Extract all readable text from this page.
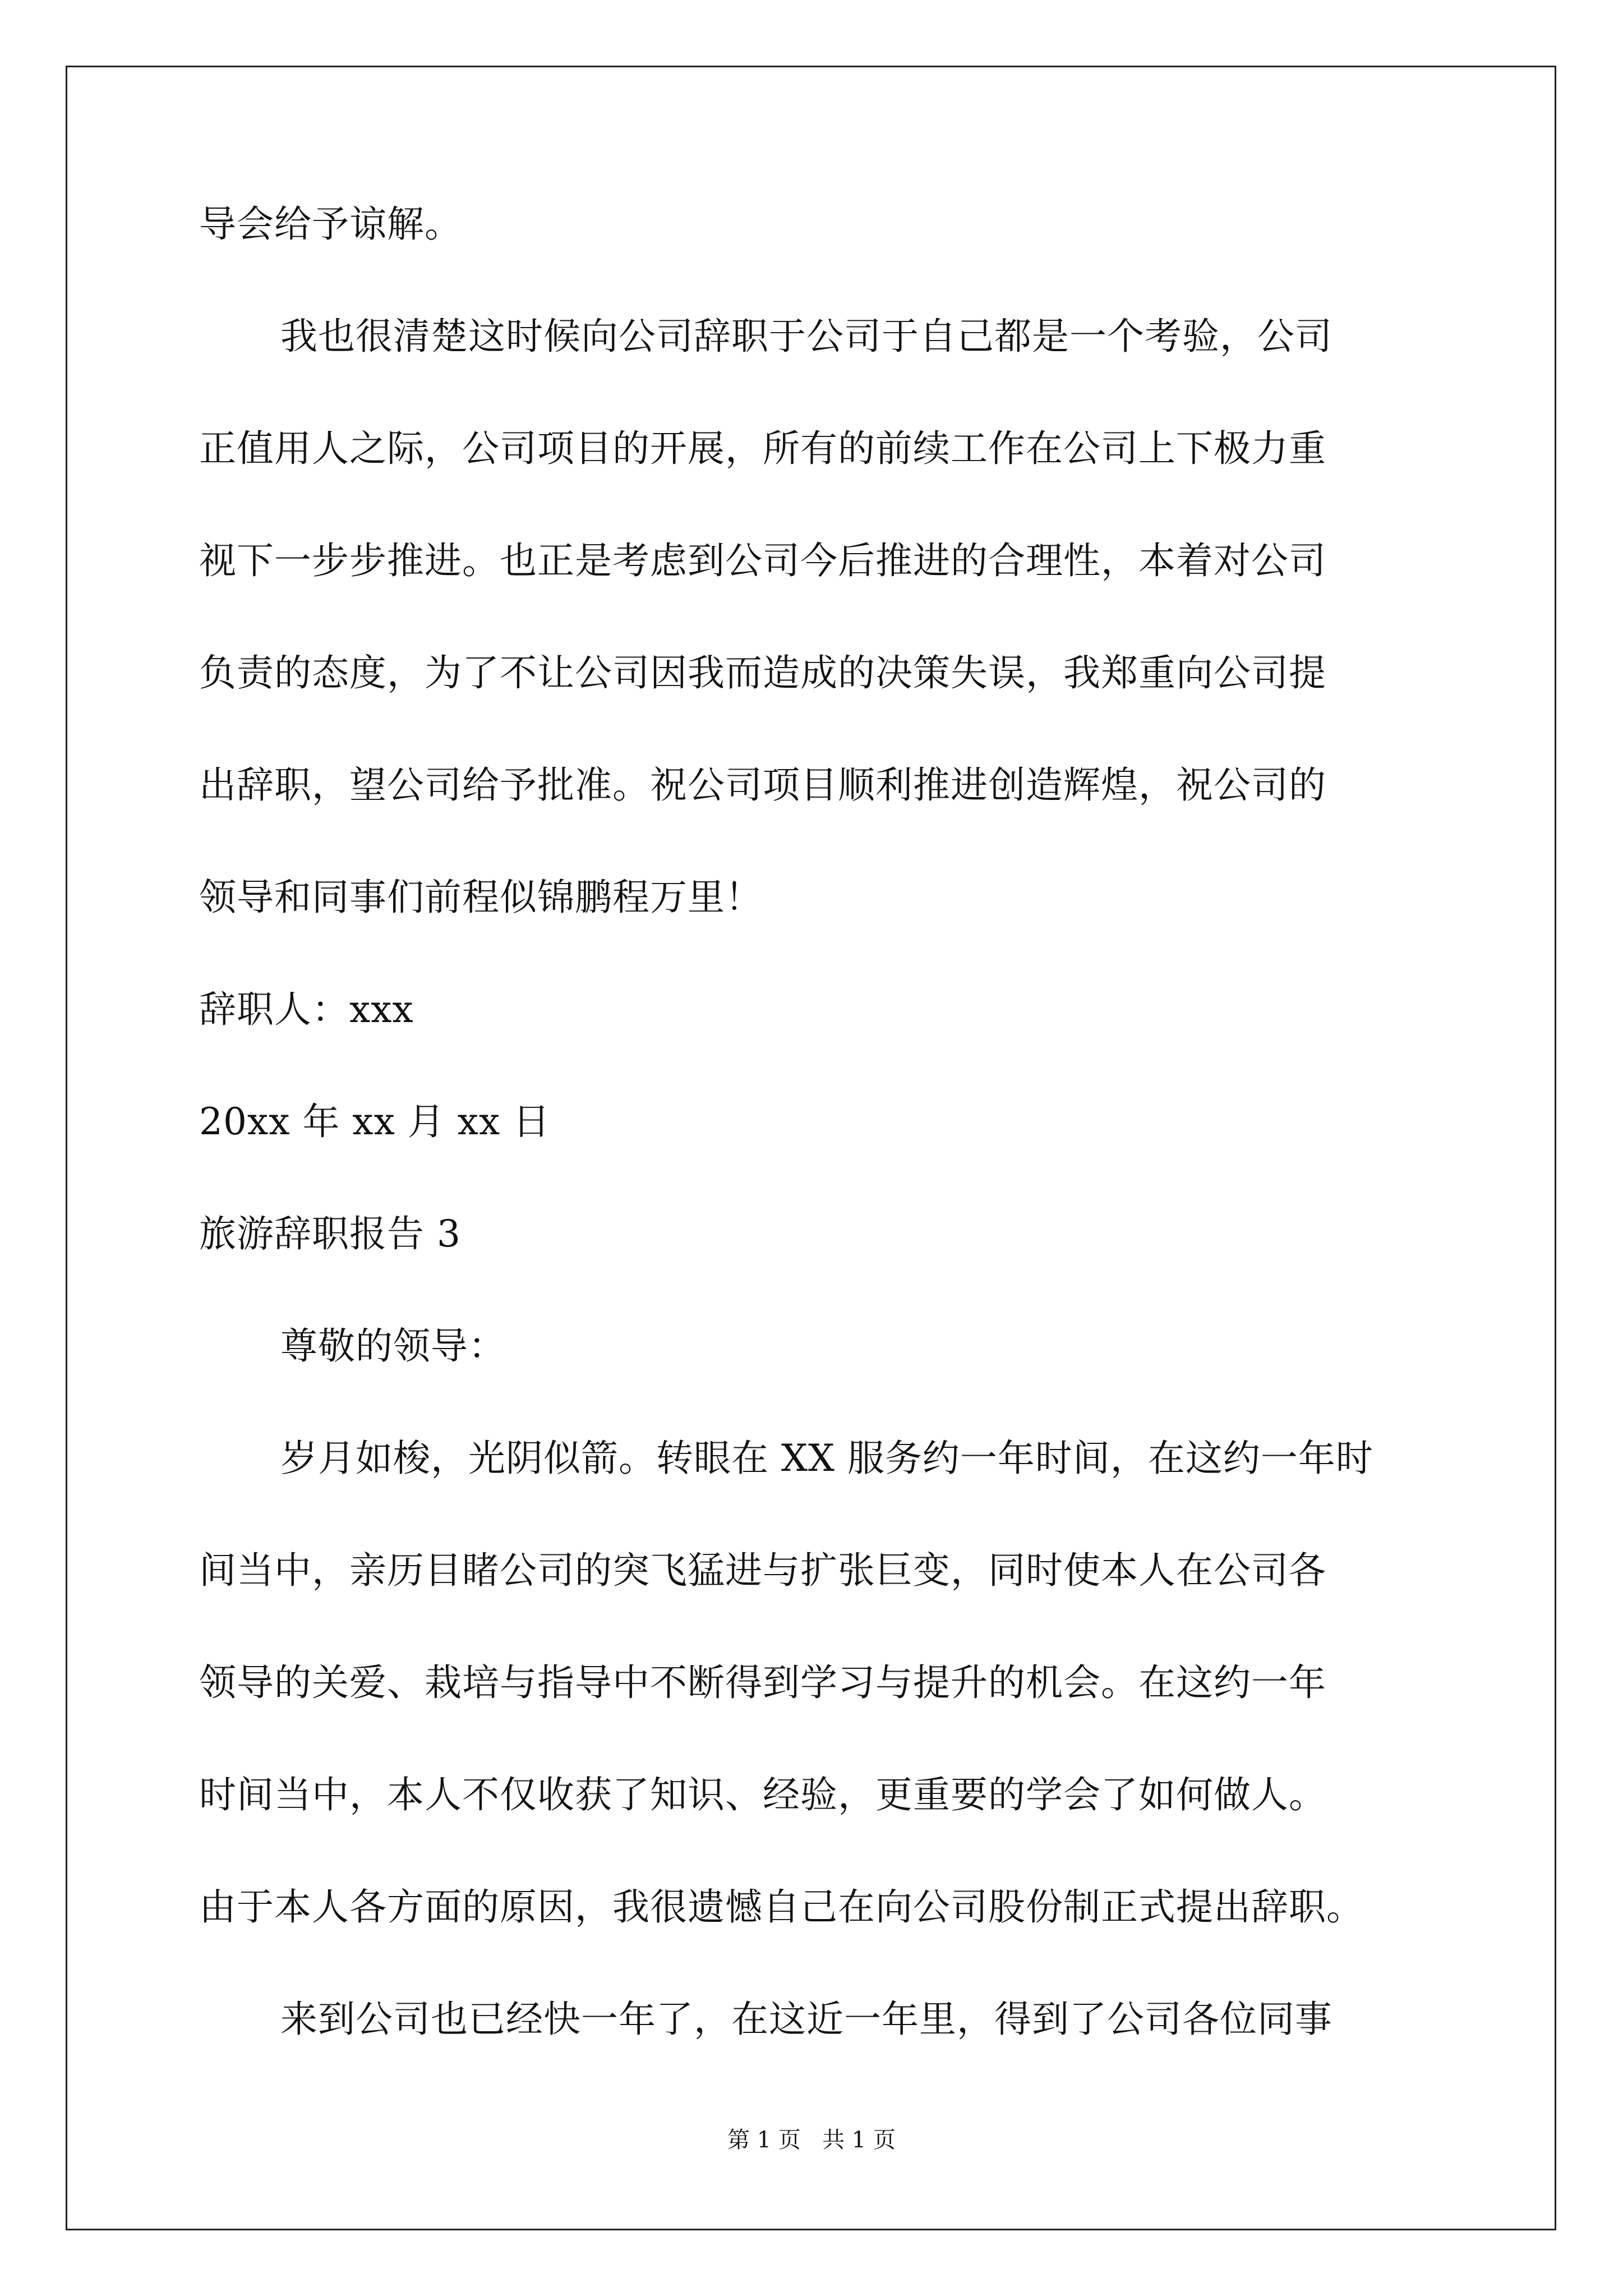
导会给予谅解。
我也很清楚这时候向公司辞职于公司于自己都是一个考验，公司
正值用人之际，公司项目的开展，所有的前续工作在公司上下极力重
视下一步步推进。也正是考虑到公司今后推进的合理性，本着对公司
负责的态度，为了不让公司因我而造成的决策失误，我郑重向公司提
出辞职，望公司给予批准。祝公司项目顺利推进创造辉煌，祝公司的
领导和同事们前程似锦鹏程万里！
辞职人：xxx
20xx 年 xx 月 xx 日
旅游辞职报告 3
尊敬的领导：
岁月如梭，光阴似箭。转眼在 XX 服务约一年时间，在这约一年时
间当中，亲历目睹公司的突飞猛进与扩张巨变，同时使本人在公司各
领导的关爱、栽培与指导中不断得到学习与提升的机会。在这约一年
时间当中，本人不仅收获了知识、经验，更重要的学会了如何做人。
由于本人各方面的原因，我很遗憾自己在向公司股份制正式提出辞职。
来到公司也已经快一年了，在这近一年里，得到了公司各位同事
第 1 页   共 1 页
